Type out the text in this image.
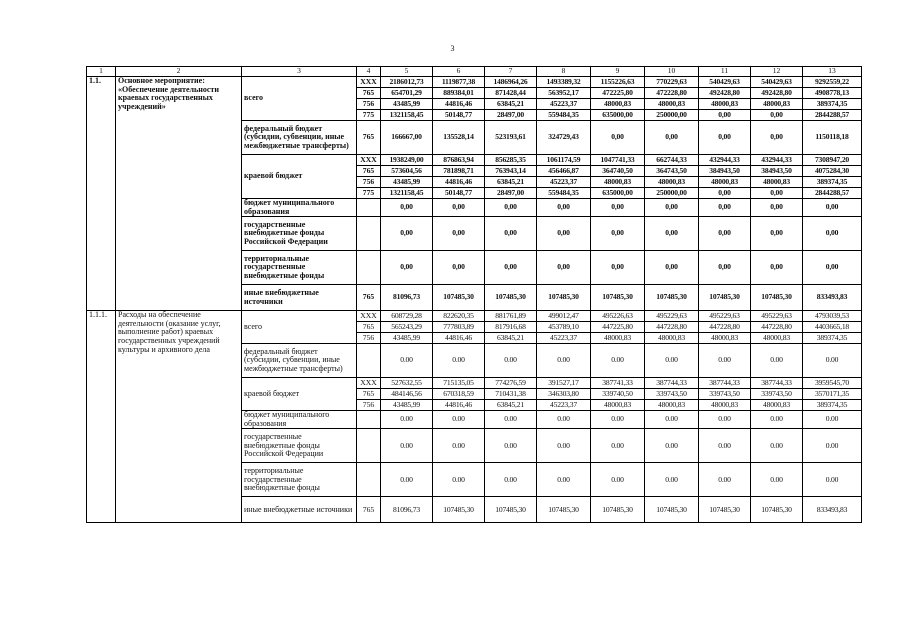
3
1	2	3	4	5	6	7	8	9	10	11	12	13
1.1.	Основное мероприятие: «Обеспечение деятельности краевых государственных учреждений»	всего	XXX	2186012,73	1119877,38	1486964,26	1493389,32	1155226,63	770229,63	540429,63	540429,63	9292559,22
			765	654701,29	889384,01	871428,44	563952,17	472225,80	472228,80	492428,80	492428,80	4908778,13
			756	43485,99	44816,46	63845,21	45223,37	48000,83	48000,83	48000,83	48000,83	389374,35
			775	1321158,45	50148,77	28497,00	559484,35	635000,00	250000,00	0,00	0,00	2844288,57
		федеральный бюджет (субсидии, субвенции, иные межбюджетные трансферты)	765	166667,00	135528,14	523193,61	324729,43	0,00	0,00	0,00	0,00	1150118,18
		краевой бюджет	XXX	1938249,00	876863,94	856285,35	1061174,59	1047741,33	662744,33	432944,33	432944,33	7308947,20
			765	573604,56	781898,71	763943,14	456466,87	364740,50	364743,50	384943,50	384943,50	4075284,30
			756	43485,99	44816,46	63845,21	45223,37	48000,83	48000,83	48000,83	48000,83	389374,35
			775	1321158,45	50148,77	28497,00	559484,35	635000,00	250000,00	0,00	0,00	2844288,57
		бюджет муниципального образования		0,00	0,00	0,00	0,00	0,00	0,00	0,00	0,00	0,00
		государственные внебюджетные фонды Российской Федерации		0,00	0,00	0,00	0,00	0,00	0,00	0,00	0,00	0,00
		территориальные государственные внебюджетные фонды		0,00	0,00	0,00	0,00	0,00	0,00	0,00	0,00	0,00
		иные внебюджетные источники	765	81096,73	107485,30	107485,30	107485,30	107485,30	107485,30	107485,30	107485,30	833493,83
1.1.1.	Расходы на обеспечение деятельности (оказание услуг, выполнение работ) краевых государственных учреждений культуры и архивного дела	всего	XXX	608729,28	822620,35	881761,89	499012,47	495226,63	495229,63	495229,63	495229,63	4793039,53
			765	565243,29	777803,89	817916,68	453789,10	447225,80	447228,80	447228,80	447228,80	4403665,18
			756	43485,99	44816,46	63845,21	45223,37	48000,83	48000,83	48000,83	48000,83	389374,35
		федеральный бюджет (субсидии, субвенции, иные межбюджетные трансферты)		0.00	0.00	0.00	0.00	0.00	0.00	0.00	0.00	0.00
		краевой бюджет	XXX	527632,55	715135,05	774276,59	391527,17	387741,33	387744,33	387744,33	387744,33	3959545,70
			765	484146,56	670318,59	710431,38	346303,80	339740,50	339743,50	339743,50	339743,50	3570171,35
			756	43485,99	44816,46	63845,21	45223,37	48000,83	48000,83	48000,83	48000,83	389374,35
		бюджет муниципального образования		0.00	0.00	0.00	0.00	0.00	0.00	0.00	0.00	0.00
		государственные внебюджетные фонды Российской Федерации		0.00	0.00	0.00	0.00	0.00	0.00	0.00	0.00	0.00
		территориальные государственные внебюджетные фонды		0.00	0.00	0.00	0.00	0.00	0.00	0.00	0.00	0.00
		иные внебюджетные источники	765	81096,73	107485,30	107485,30	107485,30	107485,30	107485,30	107485,30	107485,30	833493,83
